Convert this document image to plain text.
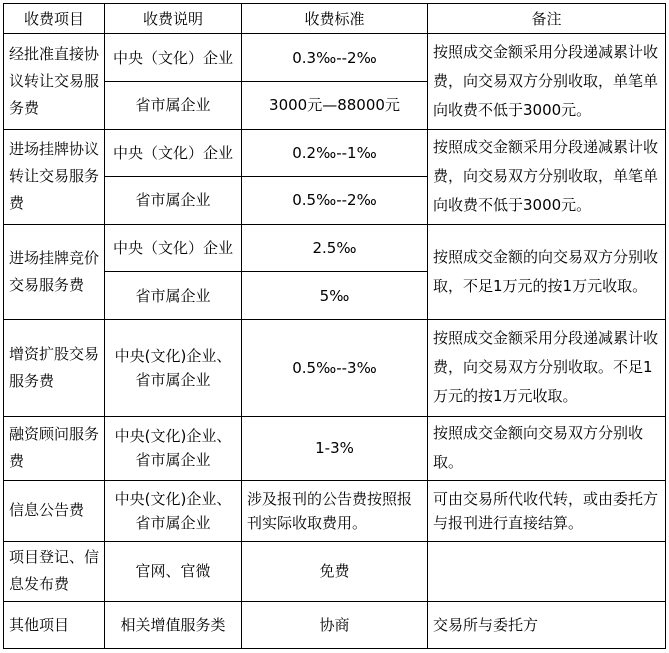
收费项目	收费说明	收费标准	备注
经批准直接协议转让交易服务费	中央（文化）企业	0.3‰--2‰	按照成交金额采用分段递减累计收费，向交易双方分别收取，单笔单向收费不低于3000元。
	省市属企业	3000元—88000元	
进场挂牌协议转让交易服务费	中央（文化）企业	0.2‰--1‰	按照成交金额采用分段递减累计收费，向交易双方分别收取，单笔单向收费不低于3000元。
	省市属企业	0.5‰--2‰	
进场挂牌竞价交易服务费	中央（文化）企业	2.5‰	按照成交金额的向交易双方分别收取，不足1万元的按1万元收取。
	省市属企业	5‰	
增资扩股交易服务费	中央(文化)企业、省市属企业	0.5‰--3‰	按照成交金额采用分段递减累计收费，向交易双方分别收取。不足1万元的按1万元收取。
融资顾问服务费	中央(文化)企业、省市属企业	1-3%	按照成交金额向交易双方分别收取。
信息公告费	中央(文化)企业、省市属企业	涉及报刊的公告费按照报刊实际收取费用。	可由交易所代收代转，或由委托方与报刊进行直接结算。
项目登记、信息发布费	官网、官微	免费	
其他项目	相关增值服务类	协商	交易所与委托方
